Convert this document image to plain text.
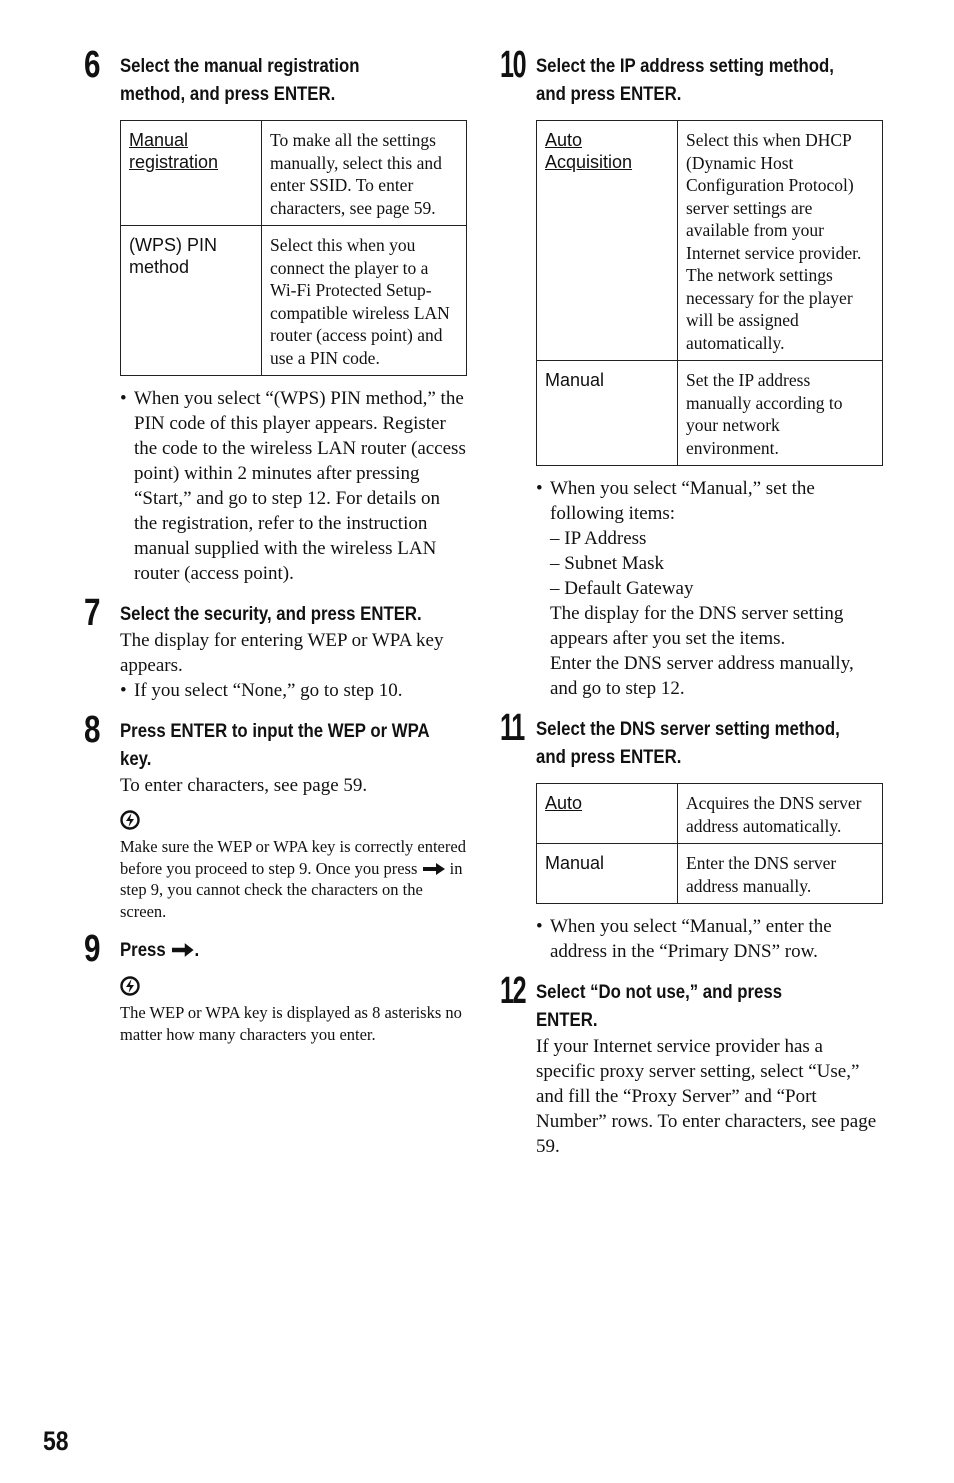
6 Select the manual registration
method, and press ENTER.
Manual
registration	To make all the settings manually, select this and enter SSID. To enter characters, see page 59.
(WPS) PIN
method	Select this when you connect the player to a Wi-Fi Protected Setup-compatible wireless LAN router (access point) and use a PIN code.

• When you select “(WPS) PIN method,” the PIN code of this player appears. Register the code to the wireless LAN router (access point) within 2 minutes after pressing “Start,” and go to step 12. For details on the registration, refer to the instruction manual supplied with the wireless LAN router (access point).

7 Select the security, and press ENTER.

The display for entering WEP or WPA key appears.

• If you select “None,” go to step 10.

8 Press ENTER to input the WEP or WPA
key.

To enter characters, see page 59.

Make sure the WEP or WPA key is correctly entered before you proceed to step 9. Once you press in step 9, you cannot check the characters on the screen.

9 Press .

The WEP or WPA key is displayed as 8 asterisks no matter how many characters you enter.

10 Select the IP address setting method,
and press ENTER.
Auto
Acquisition	Select this when DHCP (Dynamic Host Configuration Protocol) server settings are available from your Internet service provider. The network settings necessary for the player will be assigned automatically.
Manual	Set the IP address manually according to your network environment.

• When you select “Manual,” set the following items:

– IP Address

– Subnet Mask

– Default Gateway

The display for the DNS server setting appears after you set the items.

Enter the DNS server address manually, and go to step 12.

11 Select the DNS server setting method,
and press ENTER.
Auto	Acquires the DNS server address automatically.
Manual	Enter the DNS server address manually.

• When you select “Manual,” enter the address in the “Primary DNS” row.

12 Select “Do not use,” and press
ENTER.

If your Internet service provider has a specific proxy server setting, select “Use,” and fill the “Proxy Server” and “Port Number” rows. To enter characters, see page 59.

58
